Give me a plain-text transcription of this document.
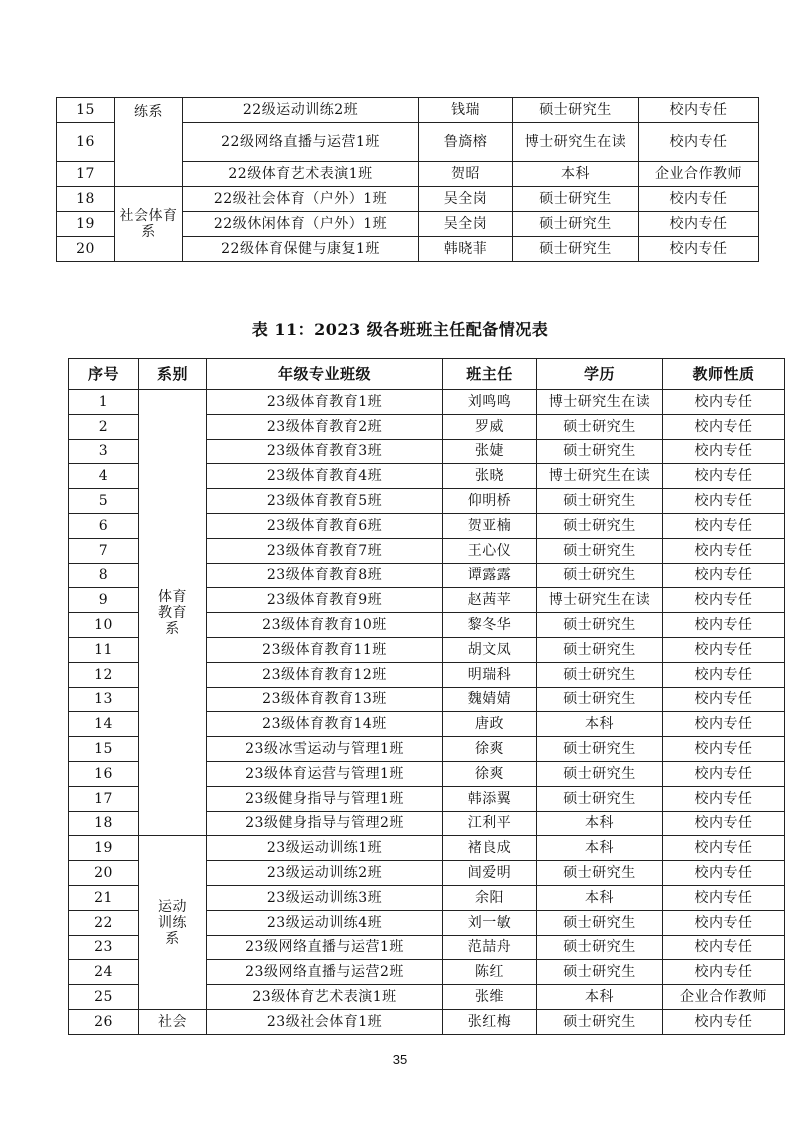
15	练系	22级运动训练2班	钱瑞	硕士研究生	校内专任
16		22级网络直播与运营1班	鲁旖榕	博士研究生在读	校内专任
17		22级体育艺术表演1班	贺昭	本科	企业合作教师
18	社会体育系	22级社会体育（户外）1班	吴全岗	硕士研究生	校内专任
19		22级休闲体育（户外）1班	吴全岗	硕士研究生	校内专任
20		22级体育保健与康复1班	韩晓菲	硕士研究生	校内专任
表 11：2023 级各班班主任配备情况表
序号	系别	年级专业班级	班主任	学历	教师性质
1	体育教育系	23级体育教育1班	刘鸣鸣	博士研究生在读	校内专任
2		23级体育教育2班	罗威	硕士研究生	校内专任
3		23级体育教育3班	张婕	硕士研究生	校内专任
4		23级体育教育4班	张晓	博士研究生在读	校内专任
5		23级体育教育5班	仰明桥	硕士研究生	校内专任
6		23级体育教育6班	贺亚楠	硕士研究生	校内专任
7		23级体育教育7班	王心仪	硕士研究生	校内专任
8		23级体育教育8班	谭露露	硕士研究生	校内专任
9		23级体育教育9班	赵茜苹	博士研究生在读	校内专任
10		23级体育教育10班	黎冬华	硕士研究生	校内专任
11		23级体育教育11班	胡文凤	硕士研究生	校内专任
12		23级体育教育12班	明瑞科	硕士研究生	校内专任
13		23级体育教育13班	魏婧婧	硕士研究生	校内专任
14		23级体育教育14班	唐政	本科	校内专任
15		23级冰雪运动与管理1班	徐爽	硕士研究生	校内专任
16		23级体育运营与管理1班	徐爽	硕士研究生	校内专任
17		23级健身指导与管理1班	韩添翼	硕士研究生	校内专任
18		23级健身指导与管理2班	江利平	本科	校内专任
19	运动训练系	23级运动训练1班	褚良成	本科	校内专任
20		23级运动训练2班	闾爱明	硕士研究生	校内专任
21		23级运动训练3班	余阳	本科	校内专任
22		23级运动训练4班	刘一敏	硕士研究生	校内专任
23		23级网络直播与运营1班	范喆舟	硕士研究生	校内专任
24		23级网络直播与运营2班	陈红	硕士研究生	校内专任
25		23级体育艺术表演1班	张维	本科	企业合作教师
26	社会	23级社会体育1班	张红梅	硕士研究生	校内专任
35
